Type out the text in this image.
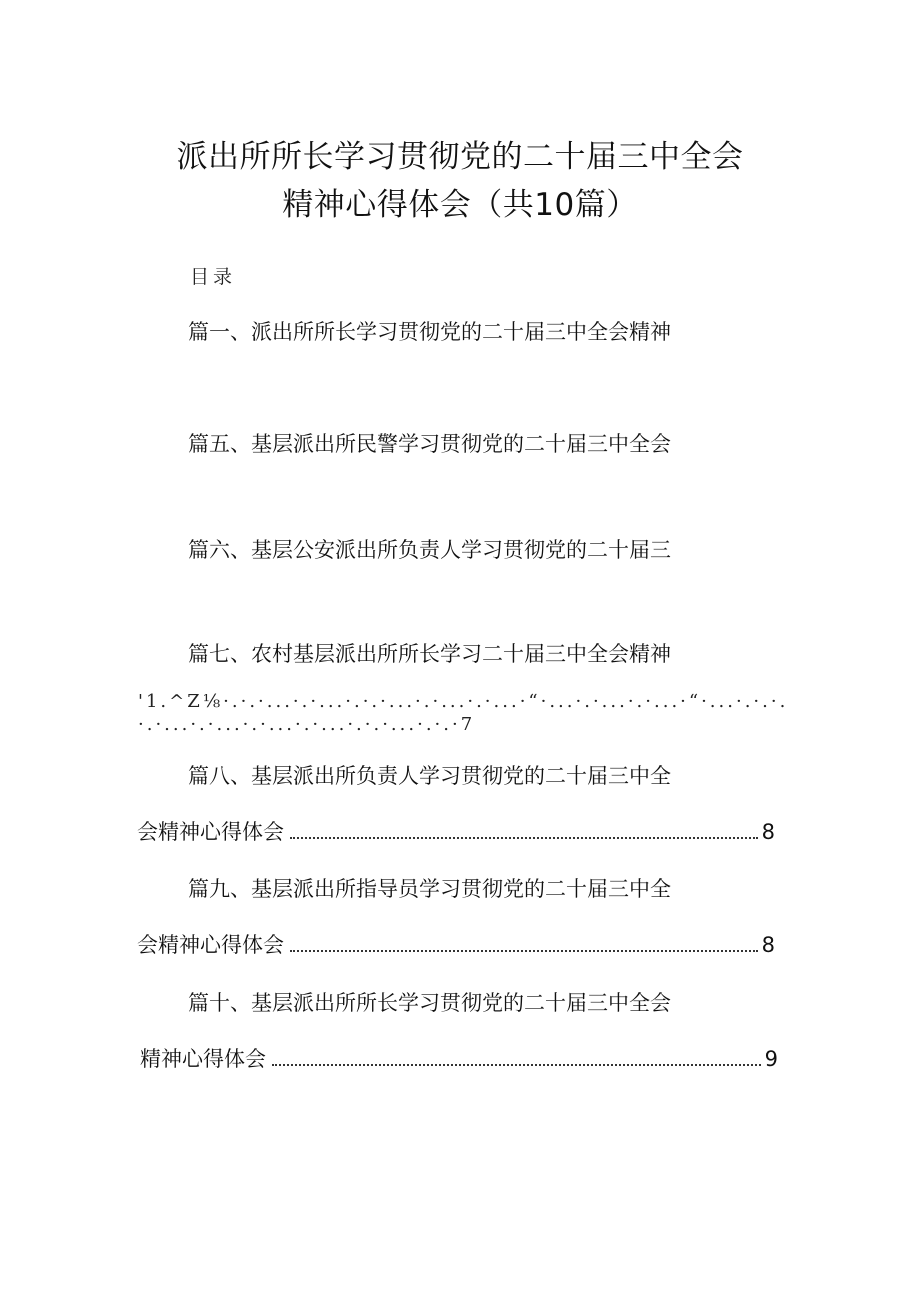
派出所所长学习贯彻党的二十届三中全会
精神心得体会（共10篇）
目录
篇一、派出所所长学习贯彻党的二十届三中全会精神
篇五、基层派出所民警学习贯彻党的二十届三中全会
篇六、基层公安派出所负责人学习贯彻党的二十届三
篇七、农村基层派出所所长学习二十届三中全会精神
'1.^Z⅛·.·.·...·.·...·.·.·...·.·...·.·...·“·...·.·...·.·...·“·...·.·.·.
·.·...·.·...·.·...·.·...·.·.·...·.·.·7
篇八、基层派出所负责人学习贯彻党的二十届三中全
会精神心得体会	8
篇九、基层派出所指导员学习贯彻党的二十届三中全
会精神心得体会	8
篇十、基层派出所所长学习贯彻党的二十届三中全会
精神心得体会	9
